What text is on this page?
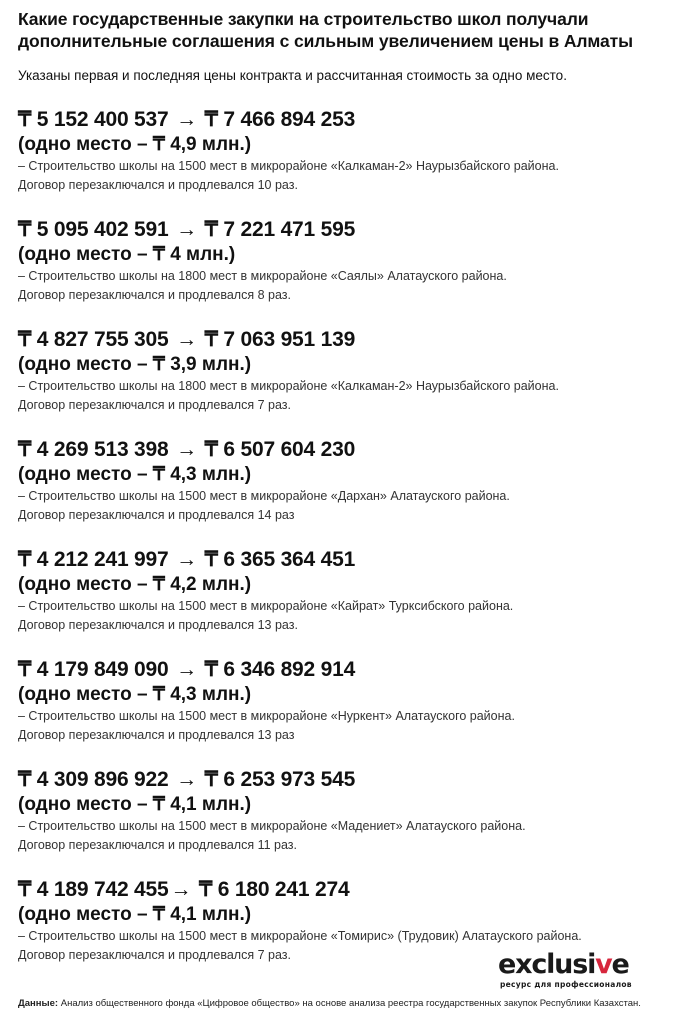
Какие государственные закупки на строительство школ получали
дополнительные соглашения с сильным увеличением цены в Алматы

Указаны первая и последняя цены контракта и рассчитанная стоимость за одно место.

₸ 5 152 400 537 → ₸ 7 466 894 253
(одно место – ₸ 4,9 млн.)
– Строительство школы на 1500 мест в микрорайоне «Калкаман-2» Наурызбайского района.
Договор перезаключался и продлевался 10 раз.
₸ 5 095 402 591 → ₸ 7 221 471 595
(одно место – ₸ 4 млн.)
– Строительство школы на 1800 мест в микрорайоне «Саялы» Алатауского района.
Договор перезаключался и продлевался 8 раз.
₸ 4 827 755 305 → ₸ 7 063 951 139
(одно место – ₸ 3,9 млн.)
– Строительство школы на 1800 мест в микрорайоне «Калкаман-2» Наурызбайского района.
Договор перезаключался и продлевался 7 раз.
₸ 4 269 513 398 → ₸ 6 507 604 230
(одно место – ₸ 4,3 млн.)
– Строительство школы на 1500 мест в микрорайоне «Дархан» Алатауского района.
Договор перезаключался и продлевался 14 раз
₸ 4 212 241 997 → ₸ 6 365 364 451
(одно место – ₸ 4,2 млн.)
– Строительство школы на 1500 мест в микрорайоне «Кайрат» Турксибского района.
Договор перезаключался и продлевался 13 раз.
₸ 4 179 849 090 → ₸ 6 346 892 914
(одно место – ₸ 4,3 млн.)
– Строительство школы на 1500 мест в микрорайоне «Нуркент» Алатауского района.
Договор перезаключался и продлевался 13 раз
₸ 4 309 896 922 → ₸ 6 253 973 545
(одно место – ₸ 4,1 млн.)
– Строительство школы на 1500 мест в микрорайоне «Мадениет» Алатауского района.
Договор перезаключался и продлевался 11 раз.
₸ 4 189 742 455→ ₸ 6 180 241 274
(одно место – ₸ 4,1 млн.)
– Строительство школы на 1500 мест в микрорайоне «Томирис» (Трудовик) Алатауского района.
Договор перезаключался и продлевался 7 раз.	exclusive
ресурс для профессионалов
Данные: Анализ общественного фонда «Цифровое общество» на основе анализа реестра государственных закупок Республики Казахстан.
